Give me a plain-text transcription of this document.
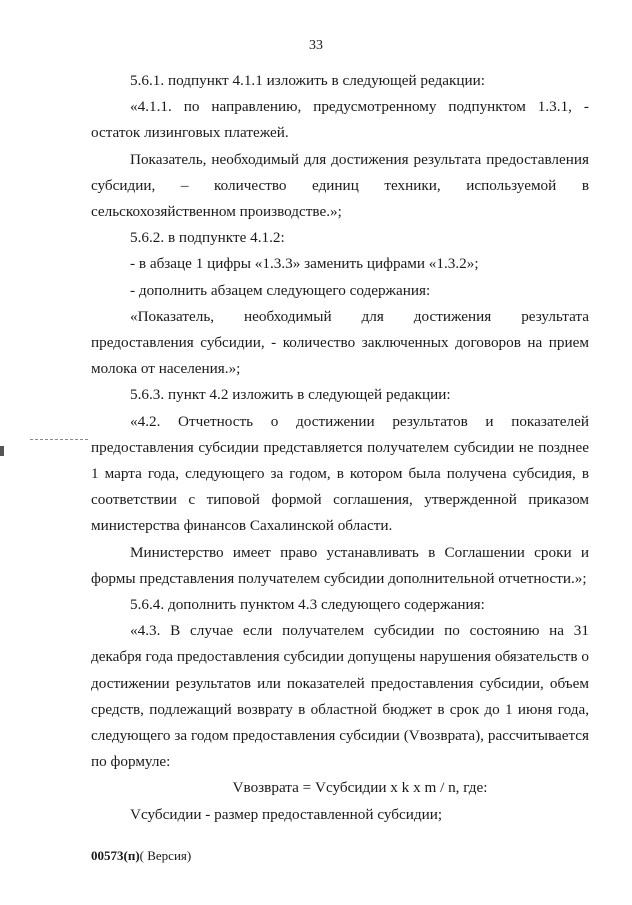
33

5.6.1. подпункт 4.1.1 изложить в следующей редакции:

«4.1.1. по направлению, предусмотренному подпунктом 1.3.1, - остаток лизинговых платежей.

Показатель, необходимый для достижения результата предоставления субсидии, – количество единиц техники, используемой в сельскохозяйственном производстве.»;

5.6.2. в подпункте 4.1.2:

- в абзаце 1 цифры «1.3.3» заменить цифрами «1.3.2»;

- дополнить абзацем следующего содержания:

«Показатель, необходимый для достижения результата предоставления субсидии, - количество заключенных договоров на прием молока от населения.»;

5.6.3. пункт 4.2 изложить в следующей редакции:

«4.2. Отчетность о достижении результатов и показателей предоставления субсидии представляется получателем субсидии не позднее 1 марта года, следующего за годом, в котором была получена субсидия, в соответствии с типовой формой соглашения, утвержденной приказом министерства финансов Сахалинской области.

Министерство имеет право устанавливать в Соглашении сроки и формы представления получателем субсидии дополнительной отчетности.»;

5.6.4. дополнить пунктом 4.3 следующего содержания:

«4.3. В случае если получателем субсидии по состоянию на 31 декабря года предоставления субсидии допущены нарушения обязательств о достижении результатов или показателей предоставления субсидии, объем средств, подлежащий возврату в областной бюджет в срок до 1 июня года, следующего за годом предоставления субсидии (Vвозврата), рассчитывается по формуле:

Vвозврата = Vсубсидии x k x m / n, где:

Vсубсидии - размер предоставленной субсидии;

00573(п)( Версия)
